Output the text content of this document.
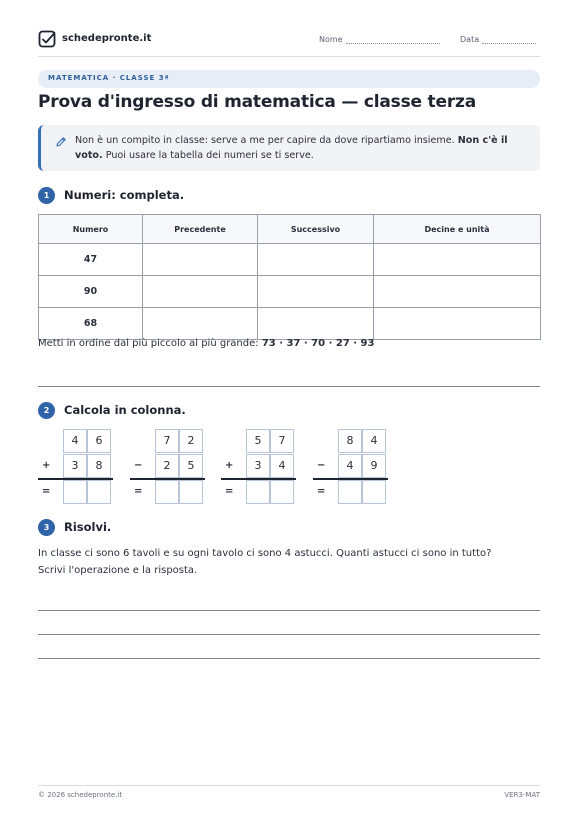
schedepronte.it	Nome	Data
MATEMATICA · CLASSE 3ª
Prova d'ingresso di matematica — classe terza
Non è un compito in classe: serve a me per capire da dove ripartiamo insieme. Non c'è il voto. Puoi usare la tabella dei numeri se ti serve.
1	Numeri: completa.
Numero	Precedente	Successivo	Decine e unità
47			
90			
68			
Metti in ordine dal più piccolo al più grande: 73 · 37 · 70 · 27 · 93
2	Calcola in colonna.
4	6
+	3	8
=
7	2
−	2	5
=
5	7
+	3	4
=
8	4
−	4	9
=
3	Risolvi.
In classe ci sono 6 tavoli e su ogni tavolo ci sono 4 astucci. Quanti astucci ci sono in tutto?
Scrivi l'operazione e la risposta.
© 2026 schedepronte.it	VER3-MAT
